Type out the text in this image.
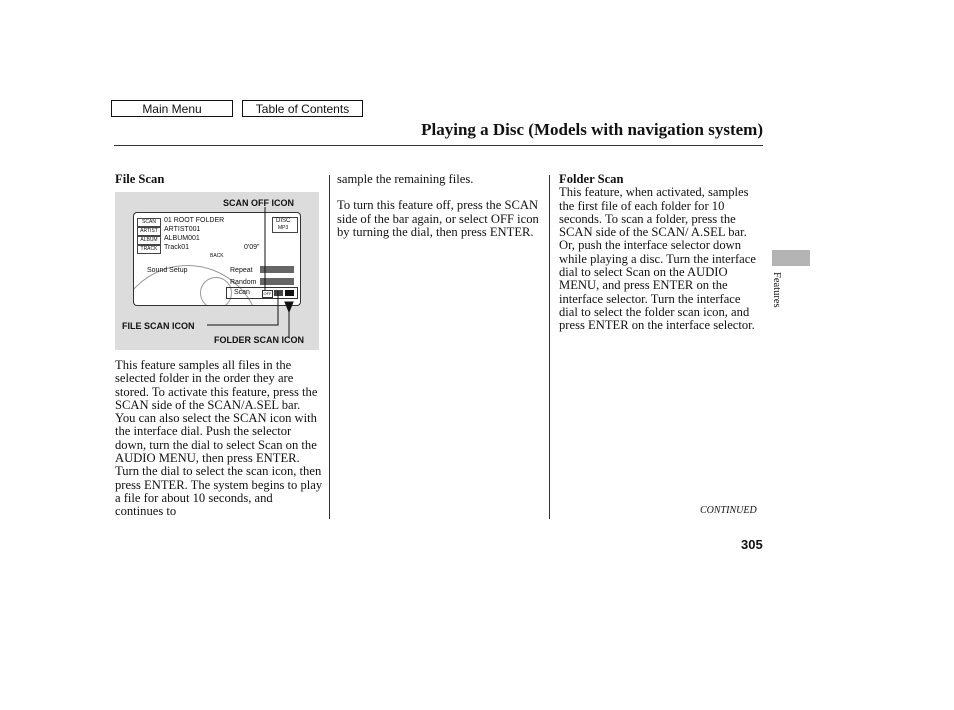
Main Menu	Table of Contents
Playing a Disc (Models with navigation system)

File Scan

SCAN OFF ICON
SCAN
ARTIST
ALBUM
TRACK
01 ROOT FOLDER
ARTIST001
ALBUM001
Track01	0'09"
DISC
MP3
BACK
Sound Setup	Repeat
Random
Scan	OFF
FILE SCAN ICON
FOLDER SCAN ICON

This feature samples all files in the selected folder in the order they are stored. To activate this feature, press the SCAN side of the SCAN/A.SEL bar. You can also select the SCAN icon with the interface dial. Push the selector down, turn the dial to select Scan on the AUDIO MENU, then press ENTER. Turn the dial to select the scan icon, then press ENTER. The system begins to play a file for about 10 seconds, and continues to

sample the remaining files.

To turn this feature off, press the SCAN side of the bar again, or select OFF icon by turning the dial, then press ENTER.

Folder Scan

This feature, when activated, samples the first file of each folder for 10 seconds. To scan a folder, press the SCAN side of the SCAN/ A.SEL bar. Or, push the interface selector down while playing a disc. Turn the interface dial to select Scan on the AUDIO MENU, and press ENTER on the interface selector. Turn the interface dial to select the folder scan icon, and press ENTER on the interface selector.

Features
CONTINUED
305
